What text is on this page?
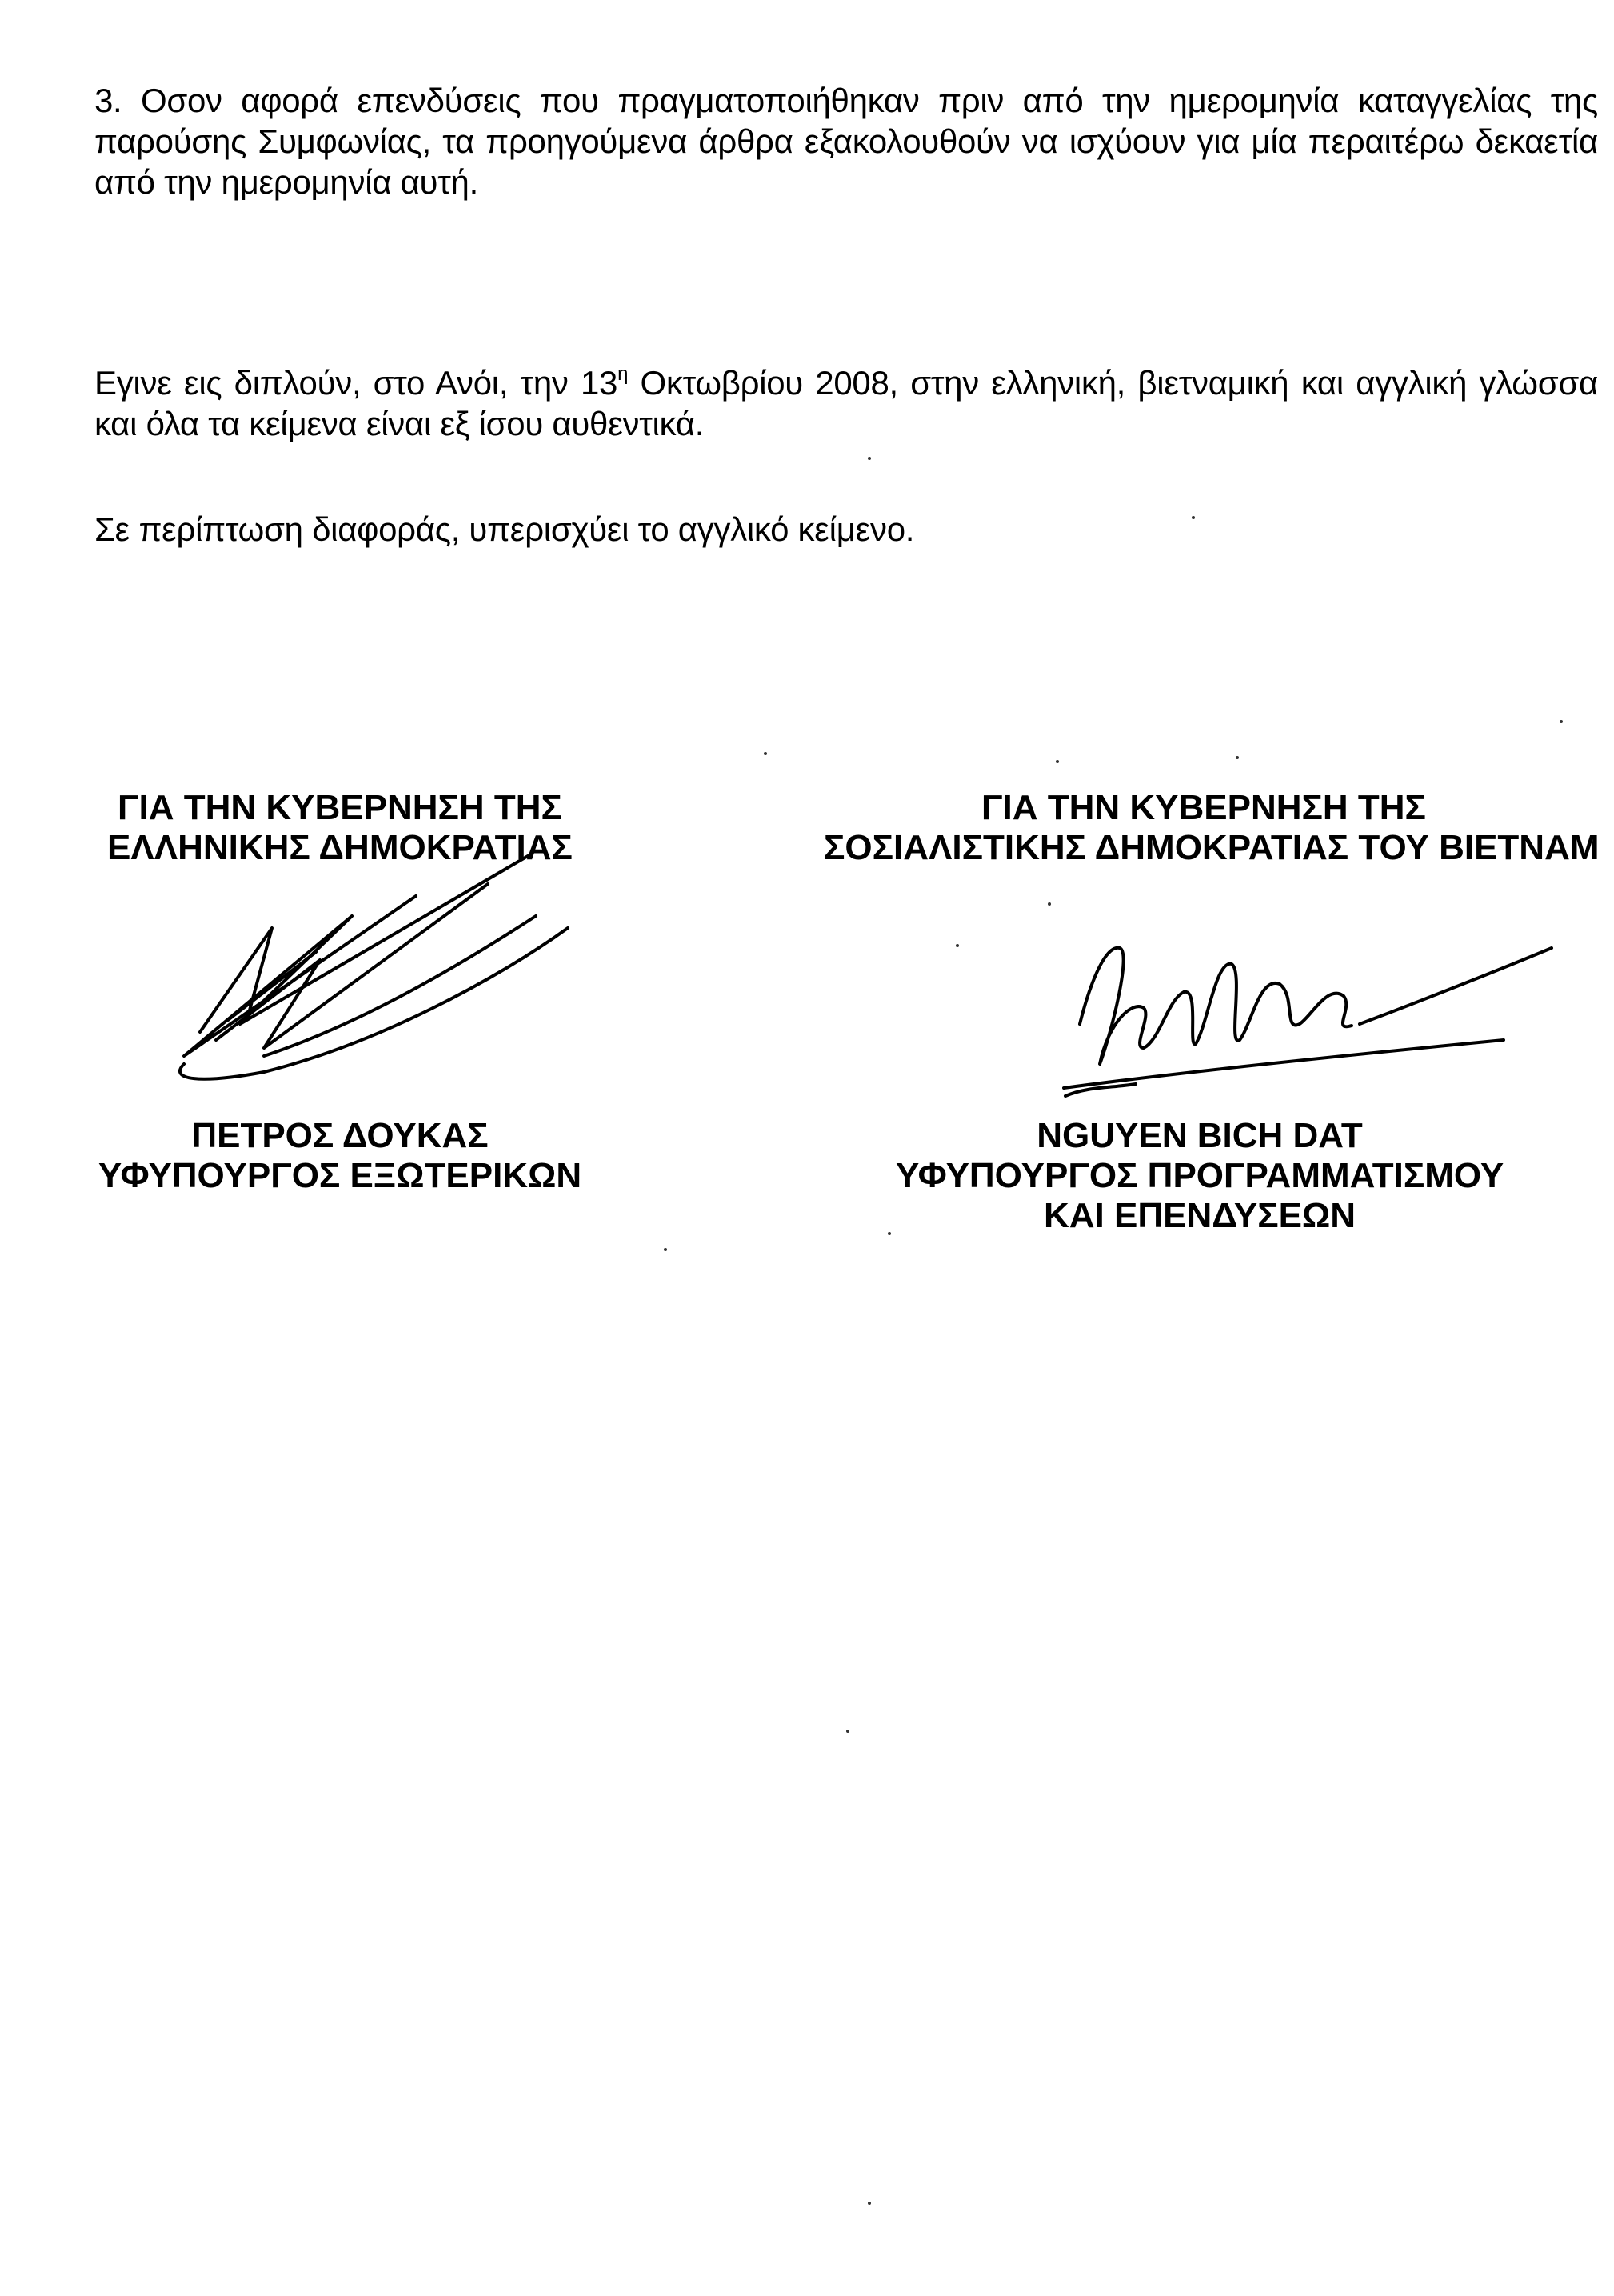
3. Οσον αφορά επενδύσεις που πραγματοποιήθηκαν πριν από την ημερομηνία καταγγελίας της παρούσης Συμφωνίας, τα προηγούμενα άρθρα εξακολουθούν να ισχύουν για μία περαιτέρω δεκαετία από την ημερομηνία αυτή.

Εγινε εις διπλούν, στο Ανόι, την $13^\eta$ Οκτωβρίου 2008, στην ελληνική, βιετναμική και αγγλική γλώσσα και όλα τα κείμενα είναι εξ ίσου αυθεντικά.

Σε περίπτωση διαφοράς, υπερισχύει το αγγλικό κείμενο.

ΓΙΑ ΤΗΝ ΚΥΒΕΡΝΗΣΗ ΤΗΣ
ΕΛΛΗΝΙΚΗΣ ΔΗΜΟΚΡΑΤΙΑΣ
ΠΕΤΡΟΣ ΔΟΥΚΑΣ
ΥΦΥΠΟΥΡΓΟΣ ΕΞΩΤΕΡΙΚΩΝ
ΓΙΑ ΤΗΝ ΚΥΒΕΡΝΗΣΗ ΤΗΣ
ΣΟΣΙΑΛΙΣΤΙΚΗΣ ΔΗΜΟΚΡΑΤΙΑΣ ΤΟΥ ΒΙΕΤΝΑΜ
NGUYEN BICH DAT
ΥΦΥΠΟΥΡΓΟΣ ΠΡΟΓΡΑΜΜΑΤΙΣΜΟΥ
ΚΑΙ ΕΠΕΝΔΥΣΕΩΝ
